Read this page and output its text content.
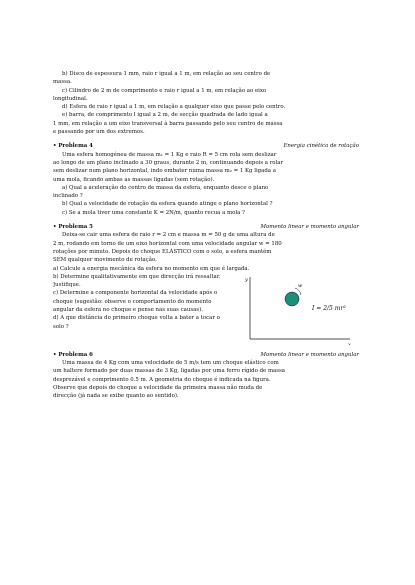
b) Disco de espessura 1 mm, raio r igual a 1 m, em relação ao seu centro de
massa.
c) Cilindro de 2 m de comprimento e raio r igual a 1 m, em relação ao eixo
longitudinal.
d) Esfera de raio r igual a 1 m, em relação a qualquer eixo que passe pelo centro.
e) barra, de comprimento l igual a 2 m, de secção quadrada de lado igual a
1 mm, em relação a um eixo transversal à barra passando pelo seu centro de massa
e passando por um dos extremos.
• Problema 4	Energia cinética de rotação
Uma esfera homogénea de massa m₁ = 1 Kg e raio R = 5 cm rola sem deslizar
ao longo de um plano inclinado a 30 graus, durante 2 m, continuando depois a rolar
sem deslizar num plano horizontal, indo embater numa massa m₂ = 1 Kg ligada a
uma mola, ficando ambas as massas ligadas (sem rotação).
a) Qual a aceleração do centro de massa da esfera, enquanto desce o plano
inclinado ?
b) Qual a velocidade de rotação da esfera quando atinge o plano horizontal ?
c) Se a mola tiver uma constante K = 2N/m, quanto recua a mola ?
• Problema 5	Momento linear e momento angular
Deixa-se cair uma esfera de raio r = 2 cm e massa m = 50 g de uma altura de
2 m, rodando em torno de um eixo horizontal com uma velocidade angular w = 180
rotações por minuto. Depois do choque ELÁSTICO com o solo, a esfera mantém
SEM qualquer movimento de rotação.
a) Calcule a energia mecânica da esfera no momento em que é largada.
b) Determine qualitativamente em que direcção irá ressaltar. Justifique.
c) Determine a componente horizontal da velocidade após o choque (sugestão: observe o comportamento do momento angular da esfera no choque e pense nas suas causas).
d) A que distância do primeiro choque volta a bater a tocar o solo ?
y
x
w
I = 2/5 mr²
• Problema 6	Momento linear e momento angular
Uma massa de 4 Kg com uma velocidade de 5 m/s tem um choque elástico com
um haltere formado por duas massas de 3 Kg, ligadas por uma ferro rígido de massa
desprezável e comprimento 0.5 m. A geometria do choque é indicada na figura.
Observe que depois do choque a velocidade da primeira massa não muda de
direcção (já nada se exibe quanto ao sentido).
